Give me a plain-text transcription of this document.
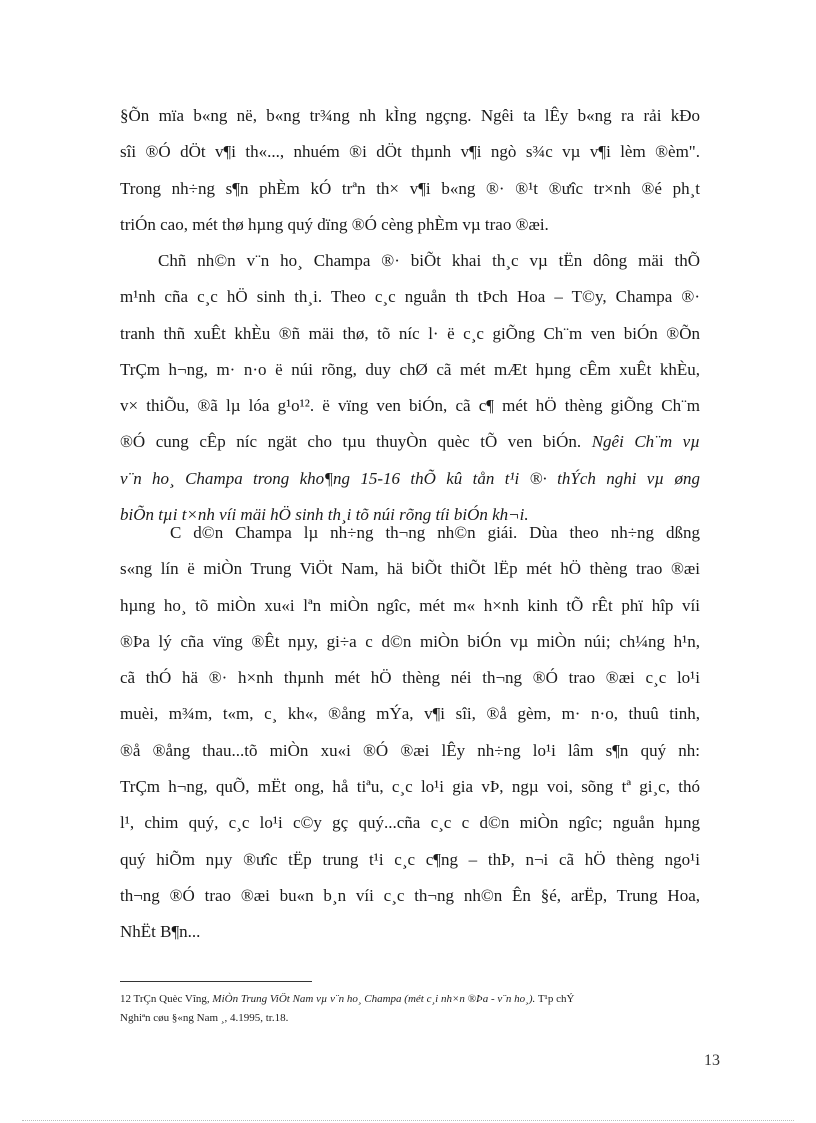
§Õn mïa b«ng në, b«ng tr¾ng nh kÌng ngçng. Ngêi ta lÊy b«ng ra rải kÐo
sîi ®Ó dÖt v¶i th«..., nhuém ®i dÖt thµnh v¶i ngò s¾c vµ v¶i lèm ®èm".
Trong nh÷ng s¶n phÈm kÓ trªn th× v¶i b«ng ®· ®¹t ®ưîc tr×nh ®é ph¸t
triÓn cao, mét thø hµng quý dïng ®Ó cèng phÈm vµ trao ®æi.
Chñ nh©n v¨n ho¸ Champa ®· biÕt khai th¸c vµ tËn dông mäi thÕ
m¹nh cña c¸c hÖ sinh th¸i. Theo c¸c nguån th tÞch Hoa – T©y, Champa ®·
tranh thñ xuÊt khÈu ®ñ mäi thø, tõ níc l· ë c¸c giÕng Ch¨m ven biÓn ®Õn
TrÇm h¬ng, m· n·o ë núi rõng, duy chØ cã mét mÆt hµng cÊm xuÊt khÈu,
v× thiÕu, ®ã lµ lóa g¹o¹². ë vïng ven biÓn, cã c¶ mét hÖ thèng giÕng Ch¨m
®Ó cung cÊp níc ngät cho tµu thuyÒn quèc tÕ ven biÓn. Ngêi Ch¨m vµ
v¨n ho¸ Champa trong kho¶ng 15-16 thÕ kû tån t¹i ®· thÝch nghi vµ øng
biÕn tµi t×nh víi mäi hÖ sinh th¸i tõ núi rõng tíi biÓn kh¬i.
C d©n Champa lµ nh÷ng th¬ng nh©n giái. Dùa theo nh÷ng dßng
s«ng lín ë miÒn Trung ViÖt Nam, hä biÕt thiÕt lËp mét hÖ thèng trao ®æi
hµng ho¸ tõ miÒn xu«i lªn miÒn ngîc, mét m« h×nh kinh tÕ rÊt phï hîp víi
®Þa lý cña vïng ®Êt nµy, gi÷a c d©n miÒn biÓn vµ miÒn núi; ch¼ng h¹n,
cã thÓ hä ®· h×nh thµnh mét hÖ thèng néi th¬ng ®Ó trao ®æi c¸c lo¹i
muèi, m¾m, t«m, c¸ kh«, ®ång mÝa, v¶i sîi, ®å gèm, m· n·o, thuû tinh,
®å ®ång thau...tõ miÒn xu«i ®Ó ®æi lÊy nh÷ng lo¹i lâm s¶n quý nh:
TrÇm h¬ng, quÕ, mËt ong, hå tiªu, c¸c lo¹i gia vÞ, ngµ voi, sõng tª gi¸c, thó
l¹, chim quý, c¸c lo¹i c©y gç quý...cña c¸c c d©n miÒn ngîc; nguån hµng
quý hiÕm nµy ®ưîc tËp trung t¹i c¸c c¶ng – thÞ, n¬i cã hÖ thèng ngo¹i
th¬ng ®Ó trao ®æi bu«n b¸n víi c¸c th¬ng nh©n Ên §é, arËp, Trung Hoa,
NhËt B¶n...
12 TrÇn Quèc Vîng, MiÒn Trung ViÖt Nam vµ v¨n ho¸ Champa (mét c¸i nh×n ®Þa - v¨n ho¸). T¹p chÝ
Nghiªn cøu §«ng Nam ¸, 4.1995, tr.18.
13
